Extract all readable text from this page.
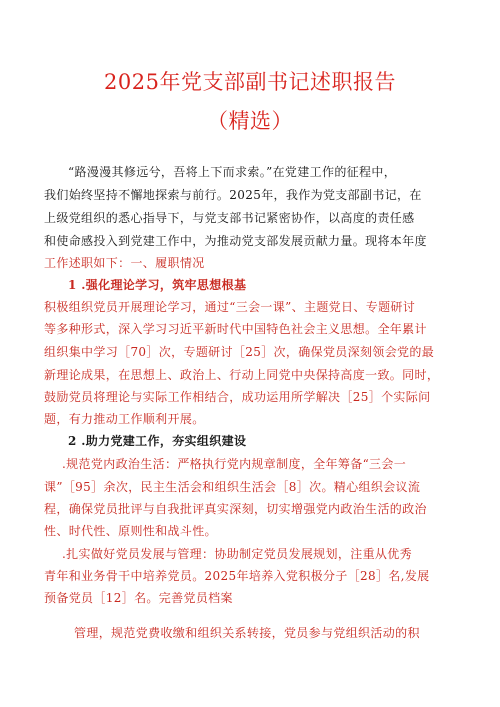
2025年党支部副书记述职报告
（精选）
“路漫漫其修远兮，吾将上下而求索。”在党建工作的征程中，
我们始终坚持不懈地探索与前行。2025年，我作为党支部副书记，在
上级党组织的悉心指导下，与党支部书记紧密协作，以高度的责任感
和使命感投入到党建工作中，为推动党支部发展贡献力量。现将本年度
工作述职如下：一、履职情况
1 .强化理论学习，筑牢思想根基
积极组织党员开展理论学习，通过“三会一课”、主题党日、专题研讨
等多种形式，深入学习习近平新时代中国特色社会主义思想。全年累计
组织集中学习［70］次，专题研讨［25］次，确保党员深刻领会党的最
新理论成果，在思想上、政治上、行动上同党中央保持高度一致。同时，
鼓励党员将理论与实际工作相结合，成功运用所学解决［25］个实际问
题，有力推动工作顺利开展。
2 .助力党建工作，夯实组织建设
.规范党内政治生活：严格执行党内规章制度，全年筹备“三会一
课”［95］余次，民主生活会和组织生活会［8］次。精心组织会议流
程，确保党员批评与自我批评真实深刻，切实增强党内政治生活的政治
性、时代性、原则性和战斗性。
.扎实做好党员发展与管理：协助制定党员发展规划，注重从优秀
青年和业务骨干中培养党员。2025年培养入党积极分子［28］名,发展
预备党员［12］名。完善党员档案
管理，规范党费收缴和组织关系转接，党员参与党组织活动的积
